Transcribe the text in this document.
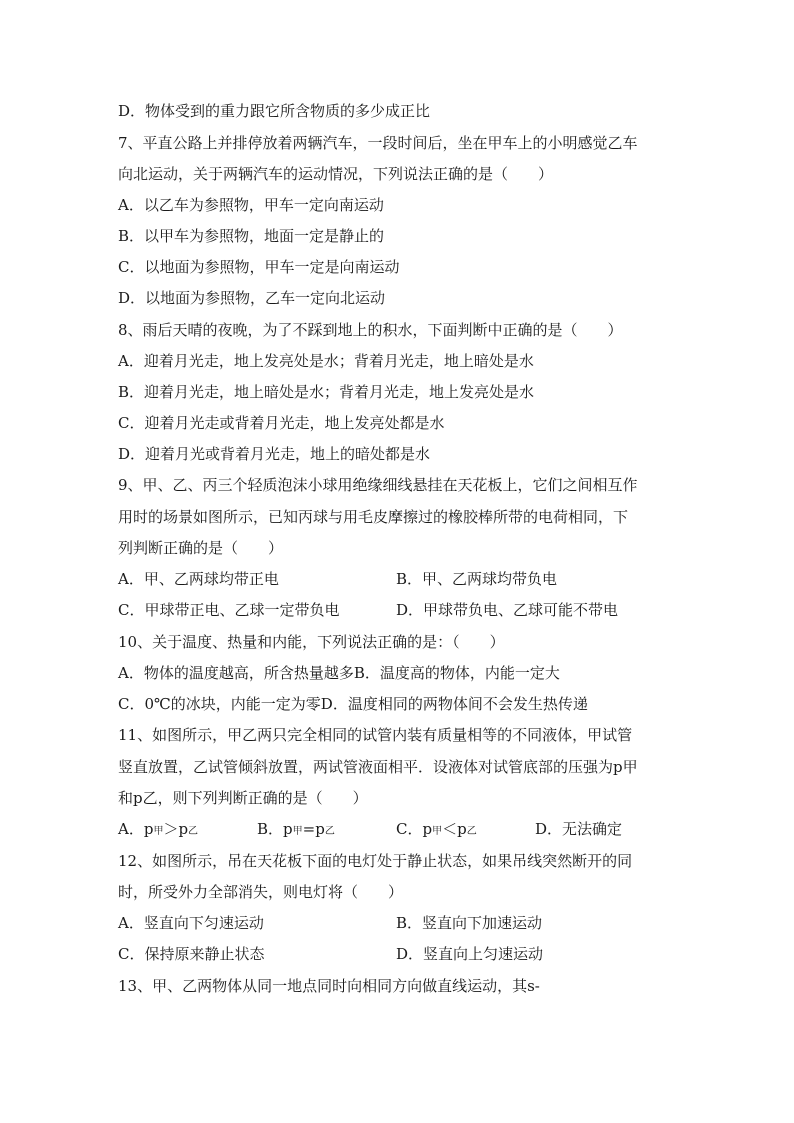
D．物体受到的重力跟它所含物质的多少成正比
7、平直公路上并排停放着两辆汽车，一段时间后，坐在甲车上的小明感觉乙车
向北运动，关于两辆汽车的运动情况，下列说法正确的是（　　）
A．以乙车为参照物，甲车一定向南运动
B．以甲车为参照物，地面一定是静止的
C．以地面为参照物，甲车一定是向南运动
D．以地面为参照物，乙车一定向北运动
8、雨后天晴的夜晚，为了不踩到地上的积水，下面判断中正确的是（　　）
A．迎着月光走，地上发亮处是水；背着月光走，地上暗处是水
B．迎着月光走，地上暗处是水；背着月光走，地上发亮处是水
C．迎着月光走或背着月光走，地上发亮处都是水
D．迎着月光或背着月光走，地上的暗处都是水
9、甲、乙、丙三个轻质泡沫小球用绝缘细线悬挂在天花板上，它们之间相互作
用时的场景如图所示，已知丙球与用毛皮摩擦过的橡胶棒所带的电荷相同，下
列判断正确的是（　　）
A．甲、乙两球均带正电	B．甲、乙两球均带负电
C．甲球带正电、乙球一定带负电	D．甲球带负电、乙球可能不带电
10、关于温度、热量和内能，下列说法正确的是：（　　）
A．物体的温度越高，所含热量越多B．温度高的物体，内能一定大
C．0℃的冰块，内能一定为零D．温度相同的两物体间不会发生热传递
11、如图所示，甲乙两只完全相同的试管内装有质量相等的不同液体，甲试管
竖直放置，乙试管倾斜放置，两试管液面相平．设液体对试管底部的压强为p甲
和p乙，则下列判断正确的是（　　）
A．p甲＞p乙	B．p甲=p乙	C．p甲＜p乙	D．无法确定
12、如图所示，吊在天花板下面的电灯处于静止状态，如果吊线突然断开的同
时，所受外力全部消失，则电灯将（　　）
A．竖直向下匀速运动	B．竖直向下加速运动
C．保持原来静止状态	D．竖直向上匀速运动
13、甲、乙两物体从同一地点同时向相同方向做直线运动，其s-
